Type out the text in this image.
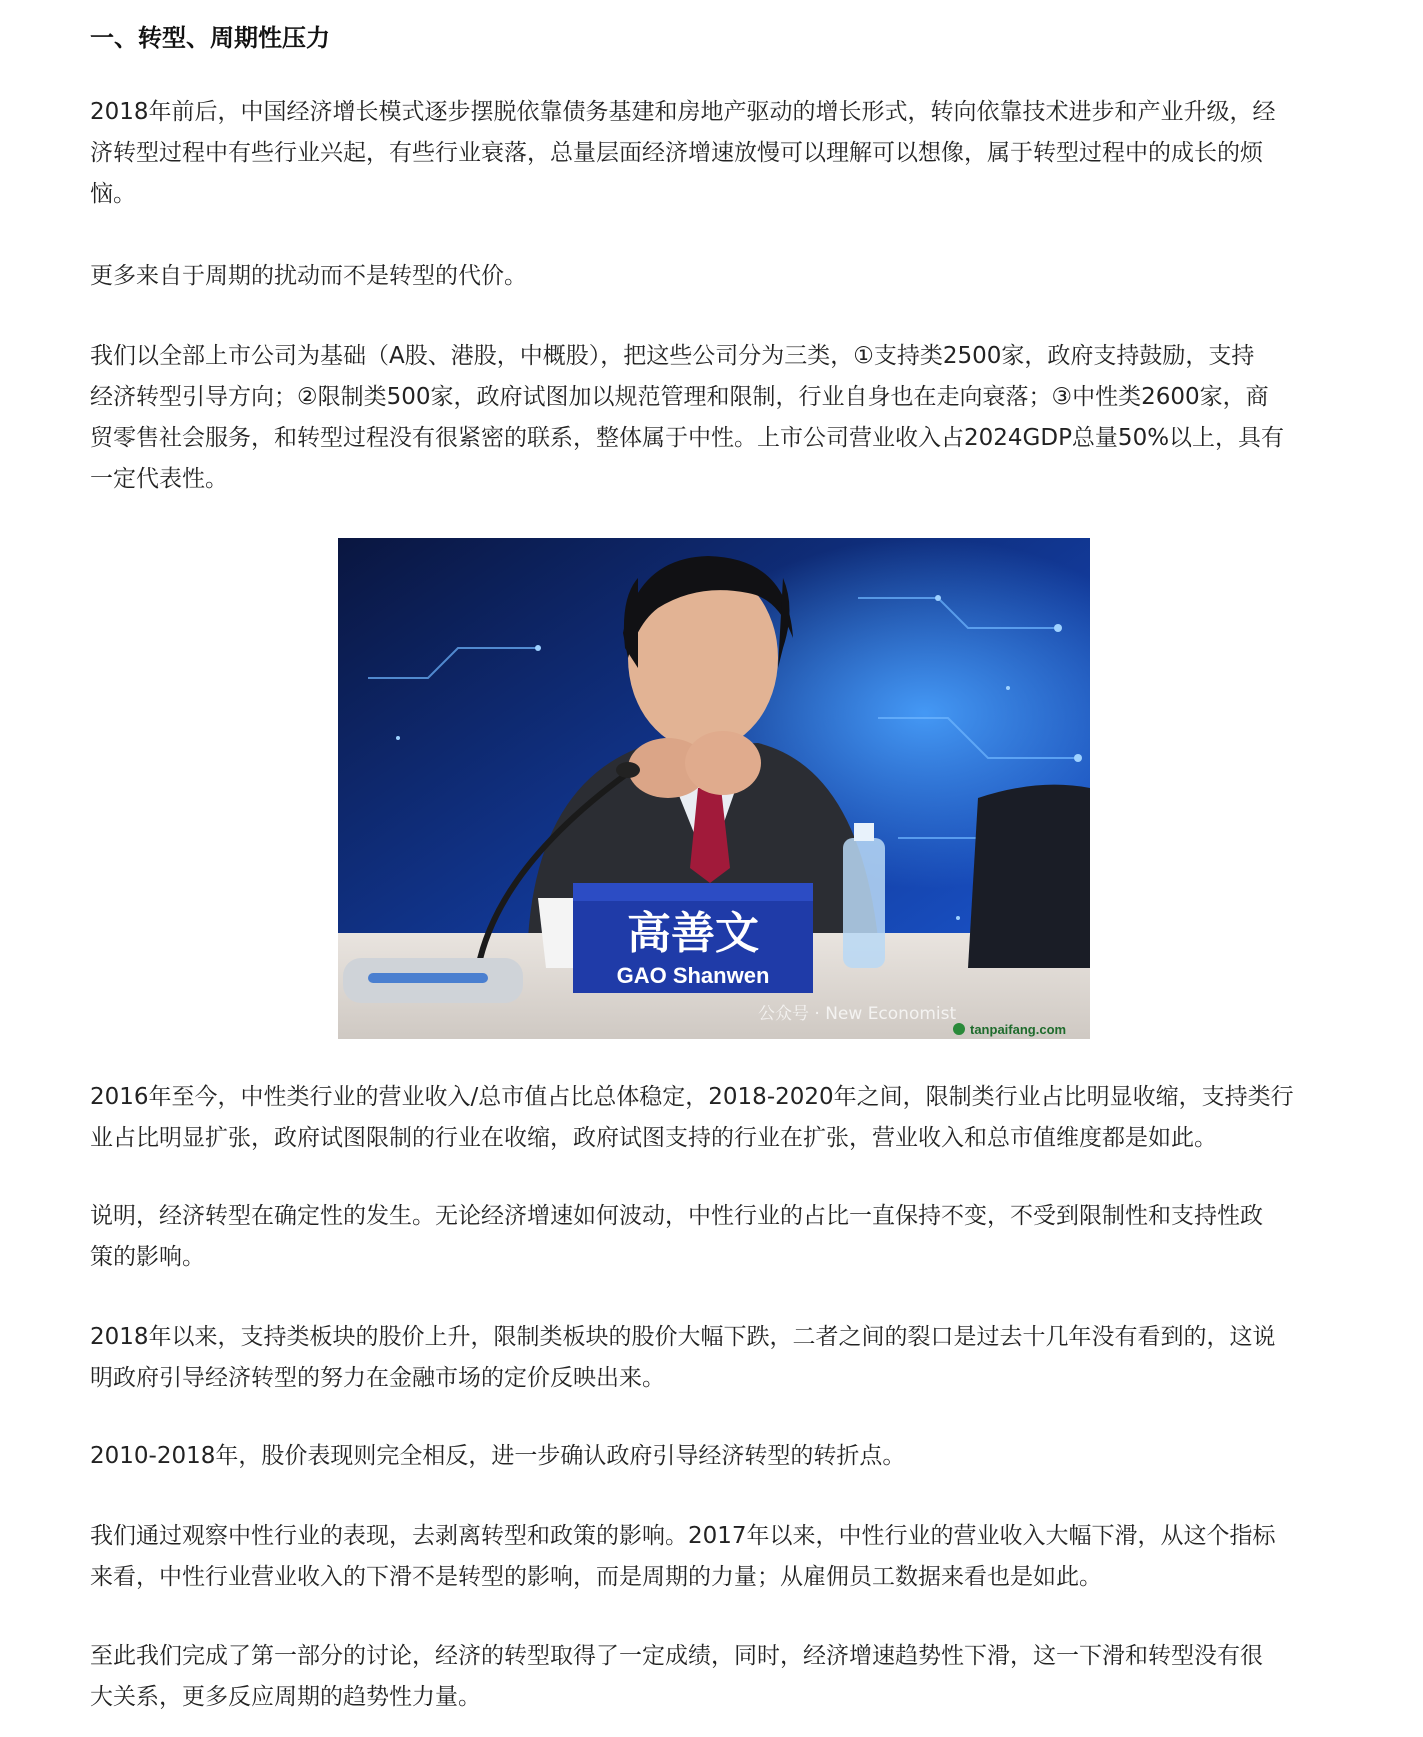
一、转型、周期性压力

2018年前后，中国经济增长模式逐步摆脱依靠债务基建和房地产驱动的增长形式，转向依靠技术进步和产业升级，经
济转型过程中有些行业兴起，有些行业衰落，总量层面经济增速放慢可以理解可以想像，属于转型过程中的成长的烦
恼。

更多来自于周期的扰动而不是转型的代价。

我们以全部上市公司为基础（A股、港股，中概股），把这些公司分为三类，①支持类2500家，政府支持鼓励，支持
经济转型引导方向；②限制类500家，政府试图加以规范管理和限制，行业自身也在走向衰落；③中性类2600家，商
贸零售社会服务，和转型过程没有很紧密的联系，整体属于中性。上市公司营业收入占2024GDP总量50%以上，具有
一定代表性。

2016年至今，中性类行业的营业收入/总市值占比总体稳定，2018-2020年之间，限制类行业占比明显收缩，支持类行
业占比明显扩张，政府试图限制的行业在收缩，政府试图支持的行业在扩张，营业收入和总市值维度都是如此。

说明，经济转型在确定性的发生。无论经济增速如何波动，中性行业的占比一直保持不变，不受到限制性和支持性政
策的影响。

2018年以来，支持类板块的股价上升，限制类板块的股价大幅下跌，二者之间的裂口是过去十几年没有看到的，这说
明政府引导经济转型的努力在金融市场的定价反映出来。

2010-2018年，股价表现则完全相反，进一步确认政府引导经济转型的转折点。

我们通过观察中性行业的表现，去剥离转型和政策的影响。2017年以来，中性行业的营业收入大幅下滑，从这个指标
来看，中性行业营业收入的下滑不是转型的影响，而是周期的力量；从雇佣员工数据来看也是如此。

至此我们完成了第一部分的讨论，经济的转型取得了一定成绩，同时，经济增速趋势性下滑，这一下滑和转型没有很
大关系，更多反应周期的趋势性力量。

高善文
GAO Shanwen
公众号 · New Economist
tanpaifang.com
